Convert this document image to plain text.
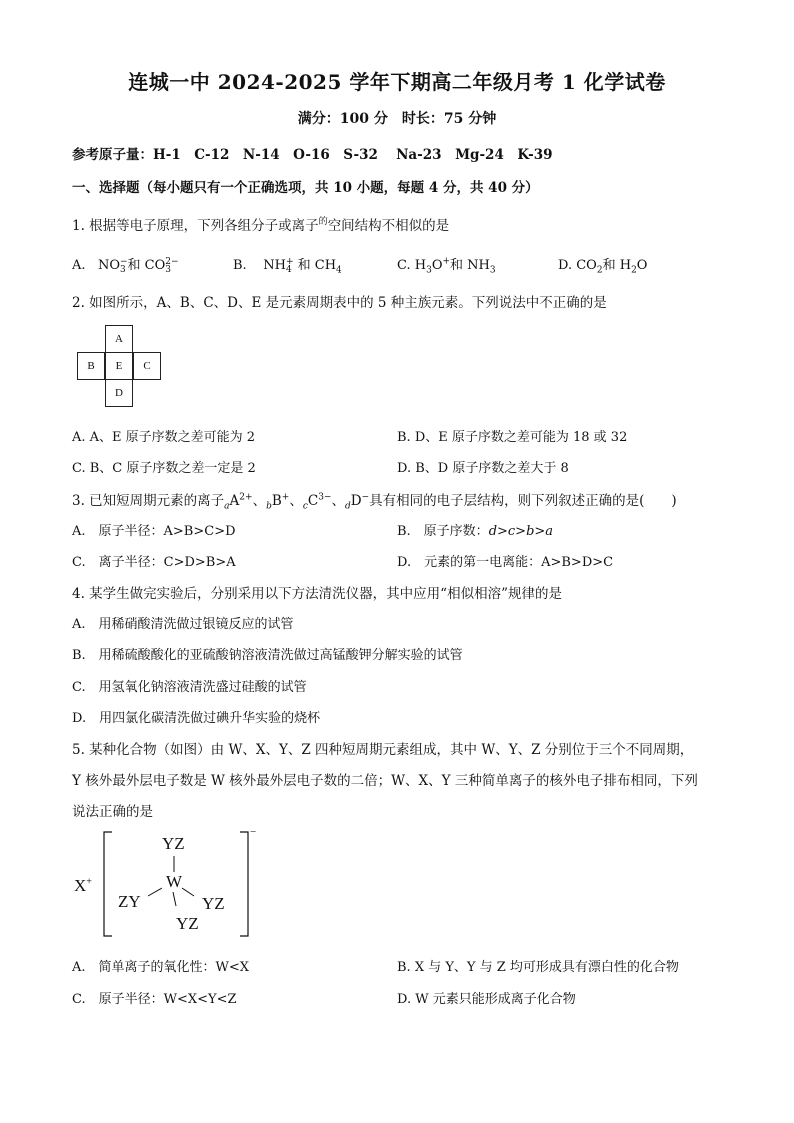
连城一中 2024-2025 学年下期高二年级月考 1 化学试卷
满分：100 分　时长：75 分钟
参考原子量：H-1　C-12　N-14　O-16　S-32　 Na-23　Mg-24　K-39
一、选择题（每小题只有一个正确选项，共 10 小题，每题 4 分，共 40 分）
1. 根据等电子原理，下列各组分子或离子$^的$空间结构不相似的是
A. NO −
3 和 CO 2−
3	B. NH +
4 和 $CH_4$	C. $H_3O^+$和 $NH_3$	D. $CO_2$和 $H_2O$
2. 如图所示，A、B、C、D、E 是元素周期表中的 5 种主族元素。下列说法中不正确的是
A
B	E	C
D
A. A、E 原子序数之差可能为 2	B. D、E 原子序数之差可能为 18 或 32
C. B、C 原子序数之差一定是 2	D. B、D 原子序数之差大于 8
3. 已知短周期元素的离子$_aA^{2+}$、$_b$B+、$_cC^{3-}$、$_d$D−具有相同的电子层结构，则下列叙述正确的是(　　)
A.　原子半径：A>B>C>D	B.　原子序数：d>c>b>a
C.　离子半径：C>D>B>A	D.　元素的第一电离能：A>B>D>C
4. 某学生做完实验后，分别采用以下方法清洗仪器，其中应用“相似相溶”规律的是
A.　用稀硝酸清洗做过银镜反应的试管
B.　用稀硫酸酸化的亚硫酸钠溶液清洗做过高锰酸钾分解实验的试管
C.　用氢氧化钠溶液清洗盛过硅酸的试管
D.　用四氯化碳清洗做过碘升华实验的烧杯
5. 某种化合物（如图）由 W、X、Y、Z 四种短周期元素组成，其中 W、Y、Z 分别位于三个不同周期，
Y 核外最外层电子数是 W 核外最外层电子数的二倍；W、X、Y 三种简单离子的核外电子排布相同，下列
说法正确的是
X+
YZ
W
ZY	YZ
YZ
−
A.　简单离子的氧化性：W<X	B. X 与 Y、Y 与 Z 均可形成具有漂白性的化合物
C.　原子半径：W<X<Y<Z	D. W 元素只能形成离子化合物
